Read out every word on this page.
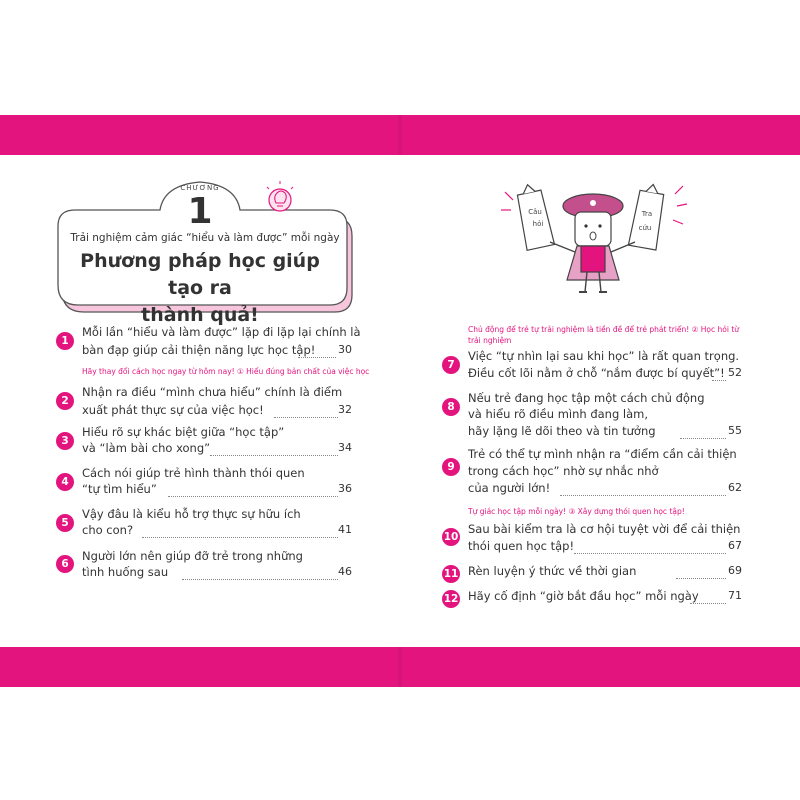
CHƯƠNG
1
Trải nghiệm cảm giác “hiểu và làm được” mỗi ngày
Phương pháp học giúp tạo ra
thành quả!
Câu
hỏi
Tra
cứu
Hãy thay đổi cách học ngay từ hôm nay! ① Hiểu đúng bản chất của việc học
Chủ động để trẻ tự trải nghiệm là tiền đề để trẻ phát triển! ② Học hỏi từ
trải nghiệm
Tự giác học tập mỗi ngày! ③ Xây dựng thói quen học tập!
1
Mỗi lần “hiểu và làm được” lặp đi lặp lại chính là
bàn đạp giúp cải thiện năng lực học tập!	30
2
Nhận ra điều “mình chưa hiểu” chính là điểm
xuất phát thực sự của việc học!	32
3
Hiểu rõ sự khác biệt giữa “học tập”
và “làm bài cho xong”	34
4
Cách nói giúp trẻ hình thành thói quen
“tự tìm hiểu”	36
5
Vậy đâu là kiểu hỗ trợ thực sự hữu ích
cho con?	41
6
Người lớn nên giúp đỡ trẻ trong những
tình huống sau	46
7
Việc “tự nhìn lại sau khi học” là rất quan trọng.
Điều cốt lõi nằm ở chỗ “nắm được bí quyết”! 52
8
Nếu trẻ đang học tập một cách chủ động
và hiểu rõ điều mình đang làm,
hãy lặng lẽ dõi theo và tin tưởng	55
9
Trẻ có thể tự mình nhận ra “điểm cần cải thiện
trong cách học” nhờ sự nhắc nhở
của người lớn!	62
10
Sau bài kiểm tra là cơ hội tuyệt vời để cải thiện
thói quen học tập!	67
11 Rèn luyện ý thức về thời gian	69
12 Hãy cố định “giờ bắt đầu học” mỗi ngày	71
